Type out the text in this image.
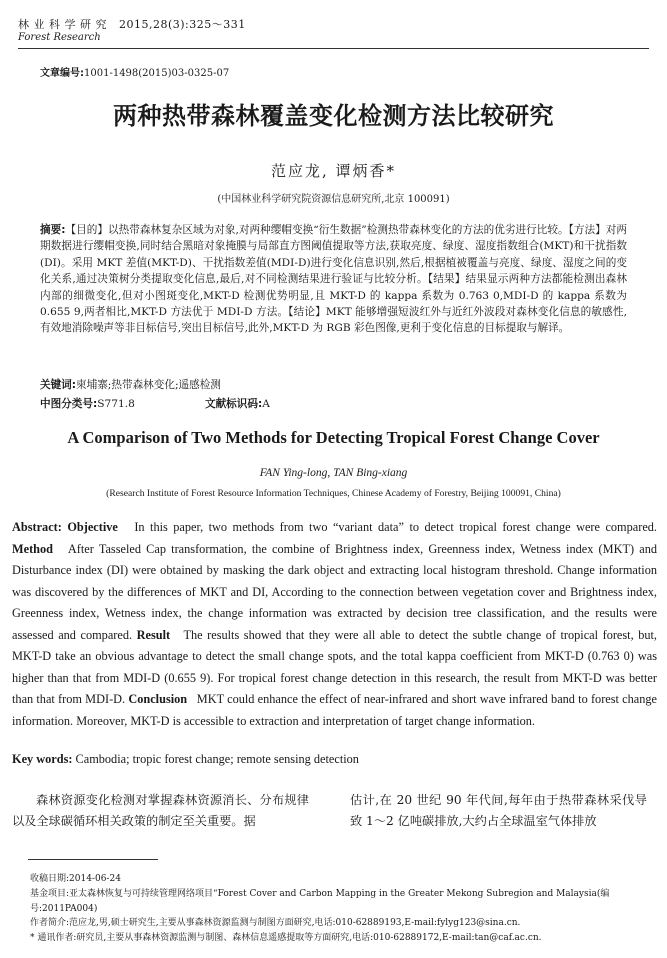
林 业 科 学 研 究 2015,28(3):325～331
Forest Research
文章编号:1001-1498(2015)03-0325-07
两种热带森林覆盖变化检测方法比较研究
范应龙, 谭炳香*
(中国林业科学研究院资源信息研究所,北京 100091)
摘要:【目的】以热带森林复杂区域为对象,对两种缨帽变换“衍生数据”检测热带森林变化的方法的优劣进行比较。【方法】对两期数据进行缨帽变换,同时结合黑暗对象掩膜与局部直方图阈值提取等方法,获取亮度、绿度、湿度指数组合(MKT)和干扰指数(DI)。采用 MKT 差值(MKT-D)、干扰指数差值(MDI-D)进行变化信息识别,然后,根据植被覆盖与亮度、绿度、湿度之间的变化关系,通过决策树分类提取变化信息,最后,对不同检测结果进行验证与比较分析。【结果】结果显示两种方法都能检测出森林内部的细微变化,但对小图斑变化,MKT-D 检测优势明显,且 MKT-D 的 kappa 系数为 0.763 0,MDI-D 的 kappa 系数为 0.655 9,两者相比,MKT-D 方法优于 MDI-D 方法。【结论】MKT 能够增强短波红外与近红外波段对森林变化信息的敏感性,有效地消除噪声等非目标信号,突出目标信号,此外,MKT-D 为 RGB 彩色图像,更利于变化信息的目标提取与解译。
关键词:柬埔寨;热带森林变化;遥感检测
中图分类号:S771.8	文献标识码:A
A Comparison of Two Methods for Detecting Tropical Forest Change Cover
FAN Ying-long, TAN Bing-xiang
(Research Institute of Forest Resource Information Techniques, Chinese Academy of Forestry, Beijing 100091, China)
Abstract: Objective In this paper, two methods from two “variant data” to detect tropical forest change were compared. Method After Tasseled Cap transformation, the combine of Brightness index, Greenness index, Wetness index (MKT) and Disturbance index (DI) were obtained by masking the dark object and extracting local histogram threshold. Change information was discovered by the differences of MKT and DI, According to the connection between vegetation cover and Brightness index, Greenness index, Wetness index, the change information was extracted by decision tree classification, and the results were assessed and compared. Result The results showed that they were all able to detect the subtle change of tropical forest, but, MKT-D take an obvious advantage to detect the small change spots, and the total kappa coefficient from MKT-D (0.763 0) was higher than that from MDI-D (0.655 9). For tropical forest change detection in this research, the result from MKT-D was better than that from MDI-D. Conclusion MKT could enhance the effect of near-infrared and short wave infrared band to forest change information. Moreover, MKT-D is accessible to extraction and interpretation of target change information.
Key words: Cambodia; tropic forest change; remote sensing detection
森林资源变化检测对掌握森林资源消长、分布规律以及全球碳循环相关政策的制定至关重要。据
估计,在 20 世纪 90 年代间,每年由于热带森林采伐导致 1～2 亿吨碳排放,大约占全球温室气体排放
收稿日期:2014-06-24
基金项目:亚太森林恢复与可持续管理网络项目“Forest Cover and Carbon Mapping in the Greater Mekong Subregion and Malaysia(编号:2011PA004)
作者简介:范应龙,男,硕士研究生,主要从事森林资源监测与制图方面研究,电话:010-62889193,E-mail:fylyg123@sina.cn.
* 通讯作者:研究员,主要从事森林资源监测与制图、森林信息遥感提取等方面研究,电话:010-62889172,E-mail:tan@caf.ac.cn.
